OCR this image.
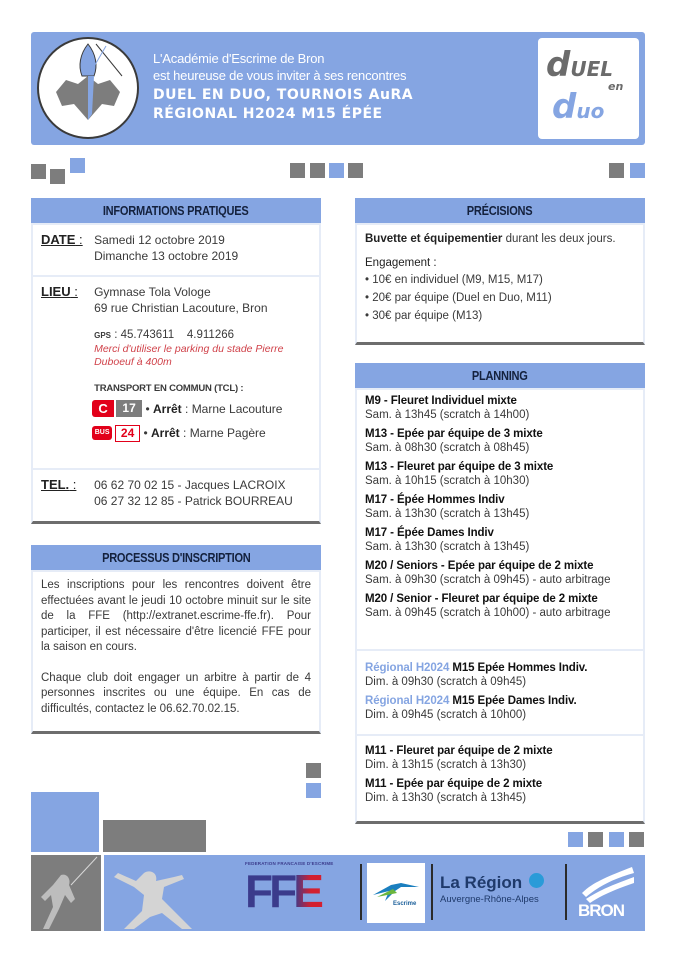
L'Académie d'Escrime de Bron
est heureuse de vous inviter à ses rencontres
DUEL EN DUO, TOURNOIS AuRA
RÉGIONAL H2024 M15 ÉPÉE
dUEL
en
duo
INFORMATIONS PRATIQUES
DATE : Samedi 12 octobre 2019
Dimanche 13 octobre 2019
LIEU : Gymnase Tola Vologe
69 rue Christian Lacouture, Bron
GPS : 45.743611 4.911266
Merci d'utiliser le parking du stade Pierre Duboeuf à 400m
TRANSPORT EN COMMUN (TCL) :
C 17 • Arrêt : Marne Lacouture
BUS 24 • Arrêt : Marne Pagère
TEL. : 06 62 70 02 15 - Jacques LACROIX
06 27 32 12 85 - Patrick BOURREAU
PROCESSUS D'INSCRIPTION
Les inscriptions pour les rencontres doivent être effectuées avant le jeudi 10 octobre minuit sur le site de la FFE (http://extranet.escrime-ffe.fr). Pour participer, il est nécessaire d'être licencié FFE pour la saison en cours.
Chaque club doit engager un arbitre à partir de 4 personnes inscrites ou une équipe. En cas de difficultés, contactez le 06.62.70.02.15.
PRÉCISIONS
Buvette et équipementier durant les deux jours.
Engagement :
• 10€ en individuel (M9, M15, M17)
• 20€ par équipe (Duel en Duo, M11)
• 30€ par équipe (M13)
PLANNING
M9 - Fleuret Individuel mixte
Sam. à 13h45 (scratch à 14h00)
M13 - Epée par équipe de 3 mixte
Sam. à 08h30 (scratch à 08h45)
M13 - Fleuret par équipe de 3 mixte
Sam. à 10h15 (scratch à 10h30)
M17 - Épée Hommes Indiv
Sam. à 13h30 (scratch à 13h45)
M17 - Épée Dames Indiv
Sam. à 13h30 (scratch à 13h45)
M20 / Seniors - Epée par équipe de 2 mixte
Sam. à 09h30 (scratch à 09h45) - auto arbitrage
M20 / Senior - Fleuret par équipe de 2 mixte
Sam. à 09h45 (scratch à 10h00) - auto arbitrage
Régional H2024 M15 Epée Hommes Indiv.
Dim. à 09h30 (scratch à 09h45)
Régional H2024 M15 Epée Dames Indiv.
Dim. à 09h45 (scratch à 10h00)
M11 - Fleuret par équipe de 2 mixte
Dim. à 13h15 (scratch à 13h30)
M11 - Epée par équipe de 2 mixte
Dim. à 13h30 (scratch à 13h45)
FEDERATION FRANCAISE D'ESCRIME
FFE	Escrime
La Région
Auvergne-Rhône-Alpes
BRON
